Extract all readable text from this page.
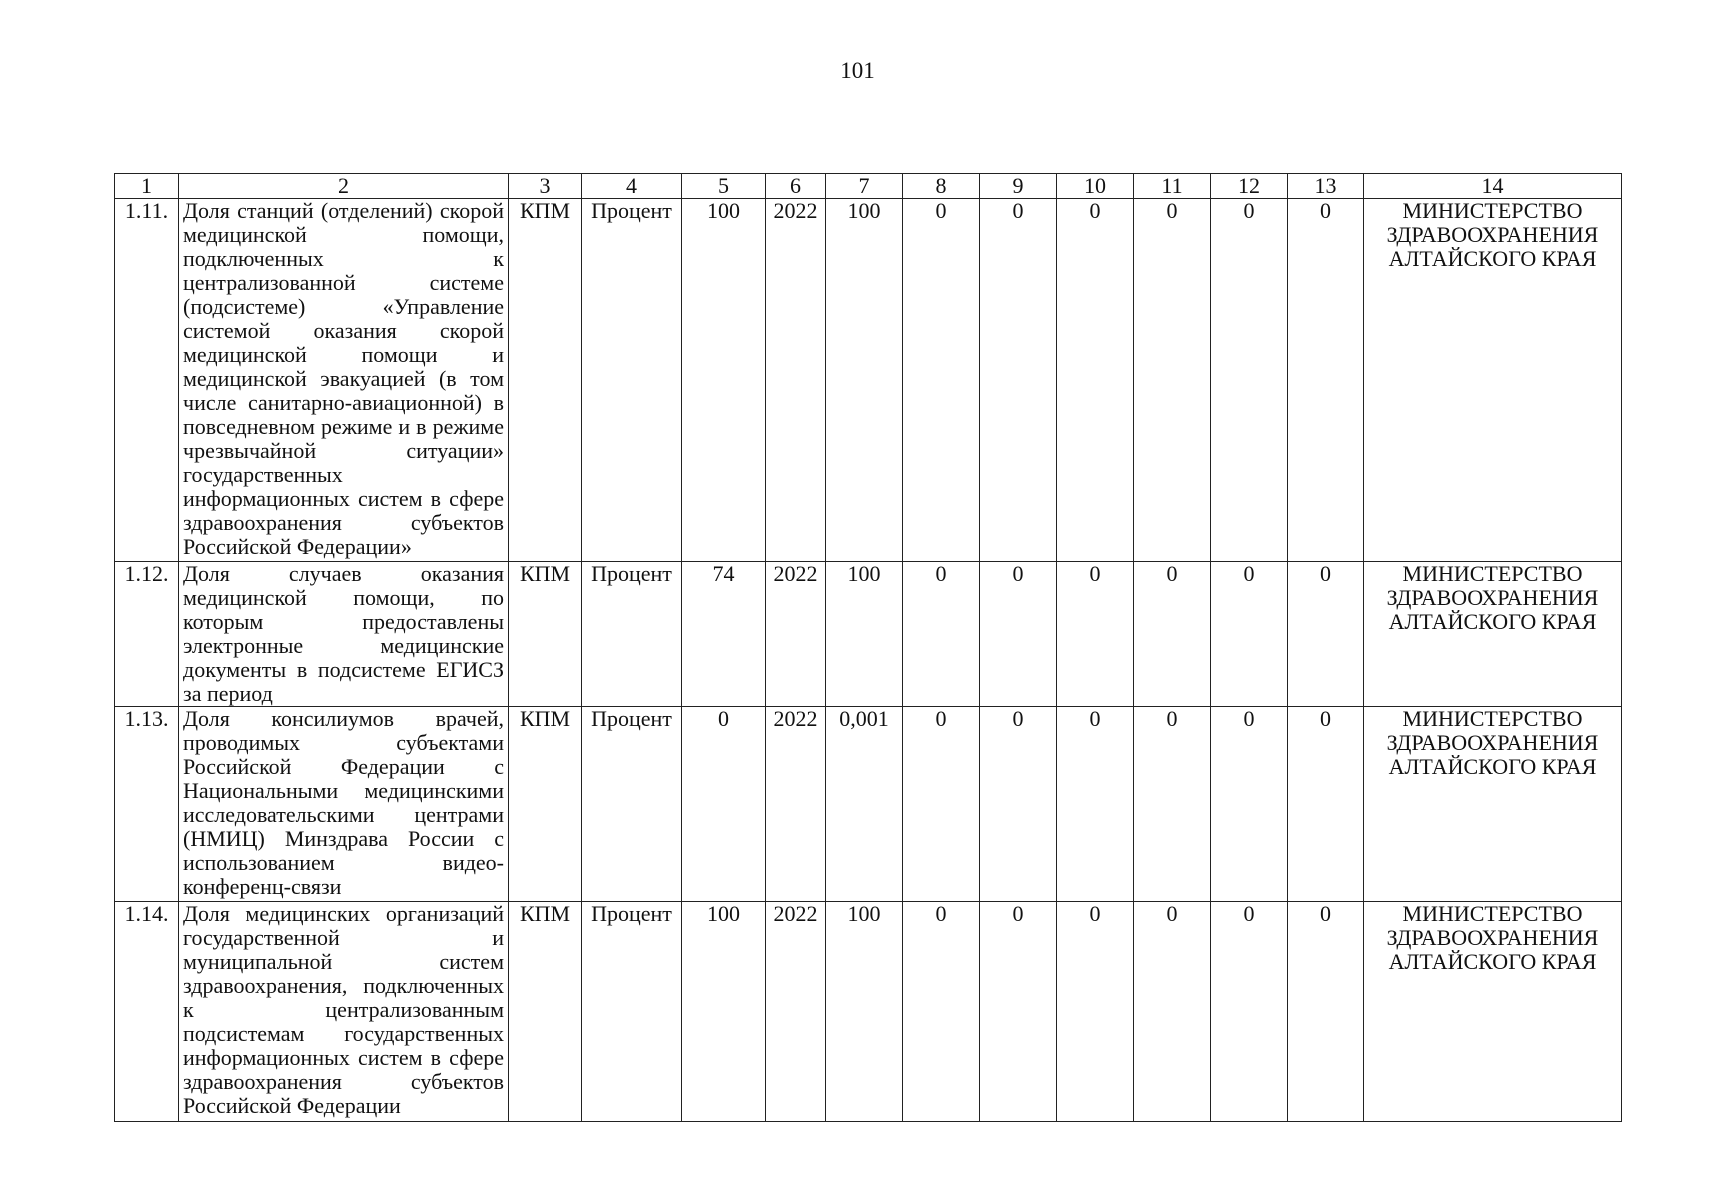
101
1	2	3	4	5	6	7	8	9	10	11	12	13	14
1.11.	Доля станций (отделений) скорой медицинской помощи, подключенных к централизованной системе (подсистеме) «Управление системой оказания скорой медицинской помощи и медицинской эвакуацией (в том числе санитарно-авиационной) в повседневном режиме и в режиме чрезвычайной ситуации» государственных информационных систем в сфере здравоохранения субъектов Российской Федерации»	КПМ	Процент	100	2022	100	0	0	0	0	0	0	МИНИСТЕРСТВО ЗДРАВООХРАНЕНИЯ АЛТАЙСКОГО КРАЯ
1.12.	Доля случаев оказания медицинской помощи, по которым предоставлены электронные медицинские документы в подсистеме ЕГИСЗ за период	КПМ	Процент	74	2022	100	0	0	0	0	0	0	МИНИСТЕРСТВО ЗДРАВООХРАНЕНИЯ АЛТАЙСКОГО КРАЯ
1.13.	Доля консилиумов врачей, проводимых субъектами Российской Федерации с Национальными медицинскими исследовательскими центрами (НМИЦ) Минздрава России с использованием видео-конференц-связи	КПМ	Процент	0	2022	0,001	0	0	0	0	0	0	МИНИСТЕРСТВО ЗДРАВООХРАНЕНИЯ АЛТАЙСКОГО КРАЯ
1.14.	Доля медицинских организаций государственной и муниципальной систем здравоохранения, подключенных к централизованным подсистемам государственных информационных систем в сфере здравоохранения субъектов Российской Федерации	КПМ	Процент	100	2022	100	0	0	0	0	0	0	МИНИСТЕРСТВО ЗДРАВООХРАНЕНИЯ АЛТАЙСКОГО КРАЯ
